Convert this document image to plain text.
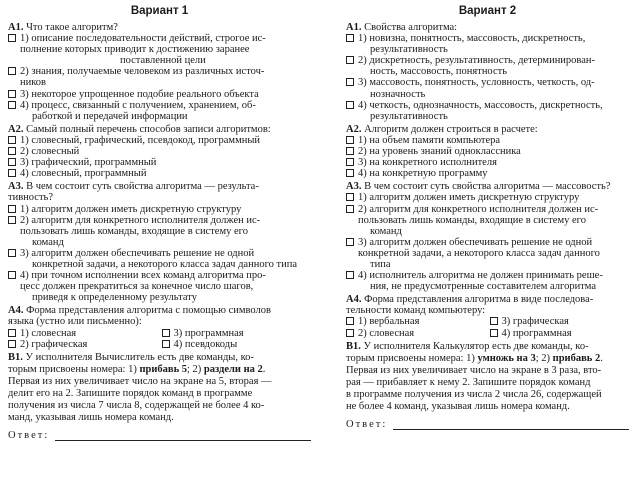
Вариант 1

А1. Что такое алгоритм?

1) описание последовательности действий, строгое ис-
полнение которых приводит к достижению заранее
поставленной цели
2) знания, получаемые человеком из различных источ-
ников
3) некоторое упрощенное подобие реального объекта
4) процесс, связанный с получением, хранением, об-
работкой и передачей информации

А2. Самый полный перечень способов записи алгоритмов:

1) словесный, графический, псевдокод, программный
2) словесный
3) графический, программный
4) словесный, программный

А3. В чем состоит суть свойства алгоритма — результа-

тивность?

1) алгоритм должен иметь дискретную структуру
2) алгоритм для конкретного исполнителя должен ис-
пользовать лишь команды, входящие в систему его
команд
3) алгоритм должен обеспечивать решение не одной
конкретной задачи, а некоторого класса задач данного типа
4) при точном исполнении всех команд алгоритма про-
цесс должен прекратиться за конечное число шагов,
приведя к определенному результату

А4. Форма представления алгоритма с помощью символов

языка (устно или письменно):

1) словесная	3) программная
2) графическая	4) псевдокоды
В1. У исполнителя Вычислитель есть две команды, ко-
торым присвоены номера: 1) прибавь 5; 2) раздели на 2.
Первая из них увеличивает число на экране на 5, вторая —
делит его на 2. Запишите порядок команд в программе
получения из числа 7 числа 8, содержащей не более 4 ко-
манд, указывая лишь номера команд.
Ответ:
Вариант 2

А1. Свойства алгоритма:

1) новизна, понятность, массовость, дискретность,
результативность
2) дискретность, результативность, детерминирован-
ность, массовость, понятность
3) массовость, понятность, условность, четкость, од-
нозначность
4) четкость, однозначность, массовость, дискретность,
результативность

А2. Алгоритм должен строиться в расчете:

1) на объем памяти компьютера
2) на уровень знаний одноклассника
3) на конкретного исполнителя
4) на конкретную программу

А3. В чем состоит суть свойства алгоритма — массовость?

1) алгоритм должен иметь дискретную структуру
2) алгоритм для конкретного исполнителя должен ис-
пользовать лишь команды, входящие в систему его
команд
3) алгоритм должен обеспечивать решение не одной
конкретной задачи, а некоторого класса задач данного
типа
4) исполнитель алгоритма не должен принимать реше-
ния, не предусмотренные составителем алгоритма

А4. Форма представления алгоритма в виде последова-

тельности команд компьютеру:

1) вербальная	3) графическая
2) словесная	4) программная
В1. У исполнителя Калькулятор есть две команды, ко-
торым присвоены номера: 1) умножь на 3; 2) прибавь 2.
Первая из них увеличивает число на экране в 3 раза, вто-
рая — прибавляет к нему 2. Запишите порядок команд
в программе получения из числа 2 числа 26, содержащей
не более 4 команд, указывая лишь номера команд.
Ответ:
